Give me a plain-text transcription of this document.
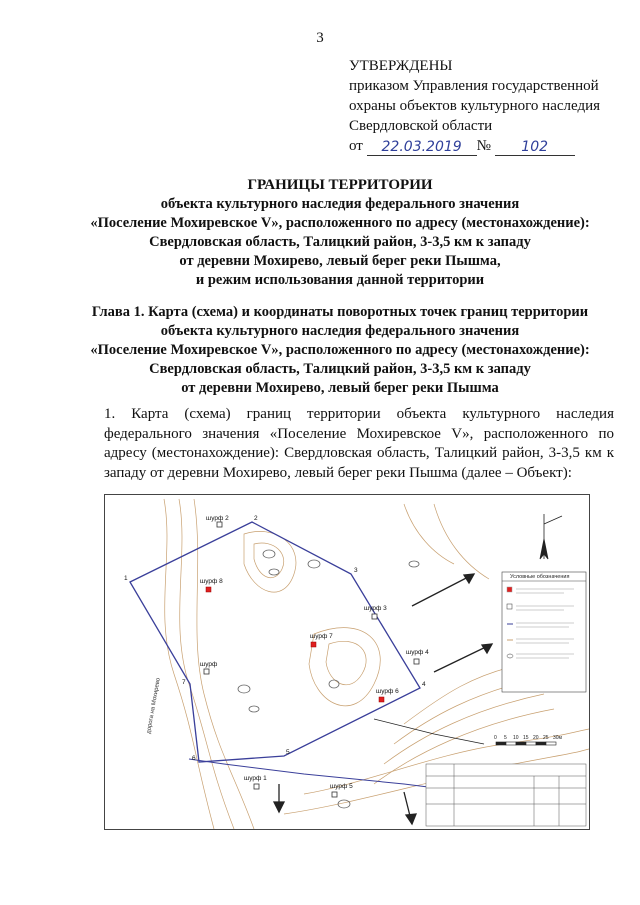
3
УТВЕРЖДЕНЫ
приказом Управления государственной
охраны объектов культурного наследия
Свердловской области
от
	22.03.2019 №
	102
ГРАНИЦЫ ТЕРРИТОРИИ
объекта культурного наследия федерального значения
«Поселение Мохиревское V», расположенного по адресу (местонахождение):
Свердловская область, Талицкий район, 3-3,5 км к западу
от деревни Мохирево, левый берег реки Пышма,
и режим использования данной территории
Глава 1. Карта (схема) и координаты поворотных точек границ территории
объекта культурного наследия федерального значения
«Поселение Мохиревское V», расположенного по адресу (местонахождение):
Свердловская область, Талицкий район, 3-3,5 км к западу
от деревни Мохирево, левый берег реки Пышма

1. Карта (схема) границ территории объекта культурного наследия федерального значения «Поселение Мохиревское V», расположенного по адресу (местонахождение): Свердловская область, Талицкий район, 3-3,5 км к западу от деревни Мохирево, левый берег реки Пышма (далее – Объект):

шурф 2
шурф 8
шурф 3
шурф 7
шурф 4
шурф 6
шурф
шурф 1
шурф 5
1
2
3
4
5
6
7
дорога на Мохирево
Условные обозначения
0 5 10 15 20 25 30м
